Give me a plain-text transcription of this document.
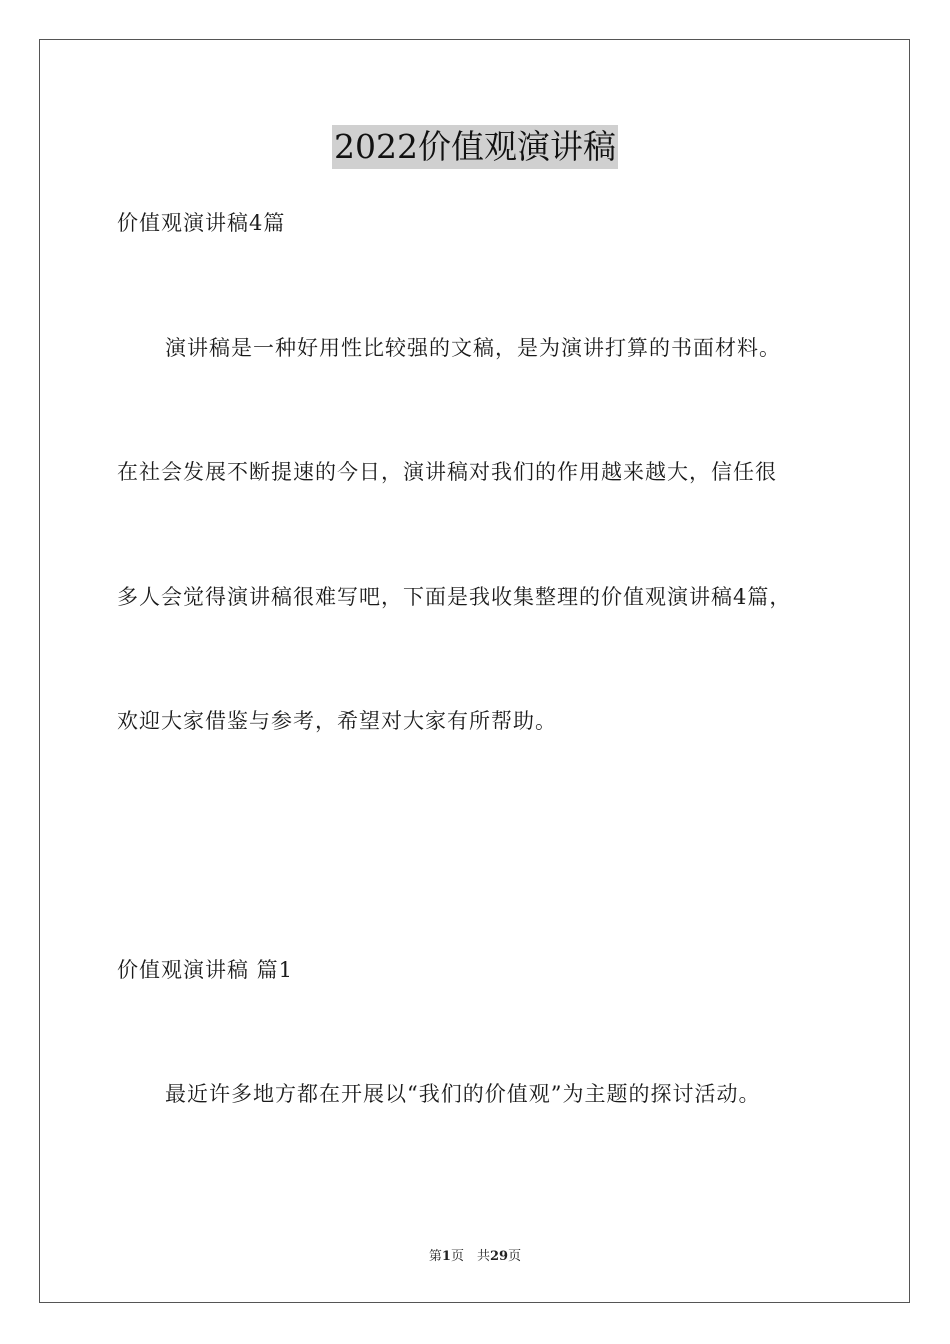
2022价值观演讲稿
价值观演讲稿4篇
演讲稿是一种好用性比较强的文稿，是为演讲打算的书面材料。
在社会发展不断提速的今日，演讲稿对我们的作用越来越大，信任很
多人会觉得演讲稿很难写吧，下面是我收集整理的价值观演讲稿4篇，
欢迎大家借鉴与参考，希望对大家有所帮助。
价值观演讲稿 篇1
最近许多地方都在开展以“我们的价值观”为主题的探讨活动。
第1页　共29页
